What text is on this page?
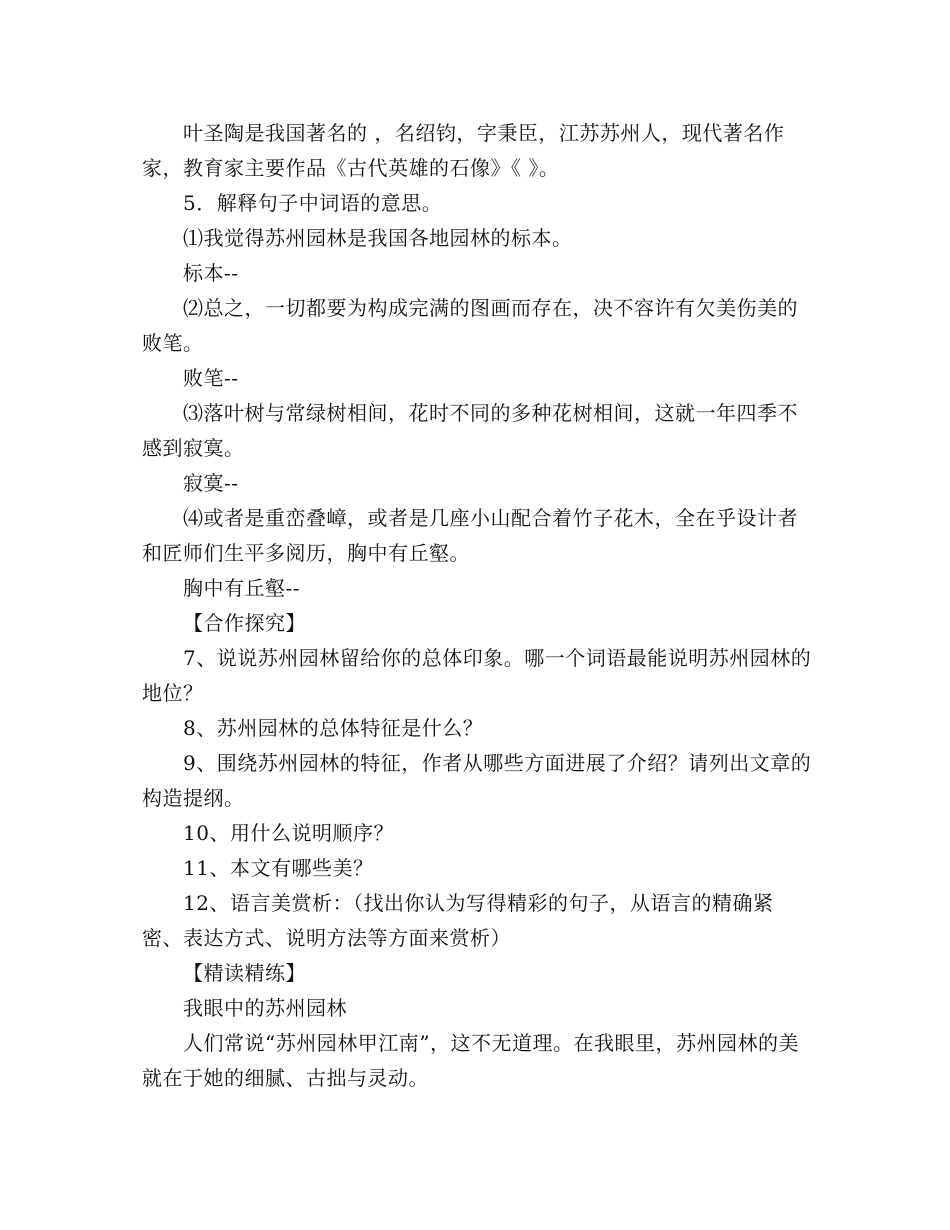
叶圣陶是我国著名的 ，名绍钧，字秉臣，江苏苏州人，现代著名作家，教育家主要作品《古代英雄的石像》《 》。

5．解释句子中词语的意思。

⑴我觉得苏州园林是我国各地园林的标本。

标本--

⑵总之，一切都要为构成完满的图画而存在，决不容许有欠美伤美的败笔。

败笔--

⑶落叶树与常绿树相间，花时不同的多种花树相间，这就一年四季不感到寂寞。

寂寞--

⑷或者是重峦叠嶂，或者是几座小山配合着竹子花木，全在乎设计者和匠师们生平多阅历，胸中有丘壑。

胸中有丘壑--

【合作探究】

7、说说苏州园林留给你的总体印象。哪一个词语最能说明苏州园林的地位？

8、苏州园林的总体特征是什么？

9、围绕苏州园林的特征，作者从哪些方面进展了介绍？请列出文章的构造提纲。

10、用什么说明顺序？

11、本文有哪些美？

12、语言美赏析：（找出你认为写得精彩的句子，从语言的精确紧密、表达方式、说明方法等方面来赏析）

【精读精练】

我眼中的苏州园林

人们常说“苏州园林甲江南”，这不无道理。在我眼里，苏州园林的美就在于她的细腻、古拙与灵动。
